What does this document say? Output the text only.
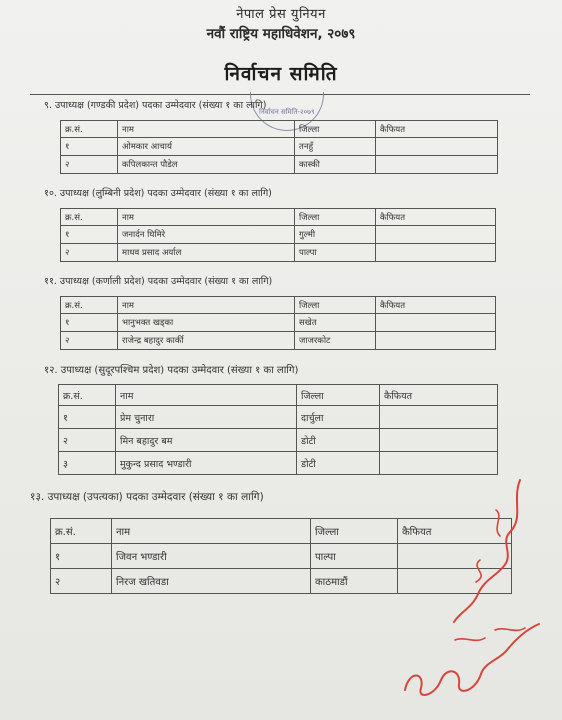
नेपाल प्रेस युनियन
नवौं राष्ट्रिय महाधिवेशन, २०७९
निर्वाचन समिति
निर्वाचन समिति-२०७९
९. उपाध्यक्ष (गण्डकी प्रदेश) पदका उम्मेदवार (संख्या १ का लागि)
क्र.सं.	नाम	जिल्ला	कैफियत
१	ओमकार आचार्य	तनहुँ	
२	कपिलकान्त पौडेल	कास्की	
१०. उपाध्यक्ष (लुम्बिनी प्रदेश) पदका उम्मेदवार (संख्या १ का लागि)
क्र.सं.	नाम	जिल्ला	कैफियत
१	जनार्दन घिमिरे	गुल्मी	
२	माधव प्रसाद अर्याल	पाल्पा	
११. उपाध्यक्ष (कर्णाली प्रदेश) पदका उम्मेदवार (संख्या १ का लागि)
क्र.सं.	नाम	जिल्ला	कैफियत
१	भानुभक्त खड्का	सखेत	
२	राजेन्द्र बहादुर कार्की	जाजरकोट	
१२. उपाध्यक्ष (सुदूरपश्चिम प्रदेश) पदका उम्मेदवार (संख्या १ का लागि)
क्र.सं.	नाम	जिल्ला	कैफियत
१	प्रेम चुनारा	दार्चुला	
२	मिन बहादुर बम	डोटी	
३	मुकुन्द प्रसाद भण्डारी	डोटी	
१३. उपाध्यक्ष (उपत्यका) पदका उम्मेदवार (संख्या १ का लागि)
क्र.सं.	नाम	जिल्ला	कैफियत
१	जिवन भण्डारी	पाल्पा	
२	निरज खतिवडा	काठमाडौं	
